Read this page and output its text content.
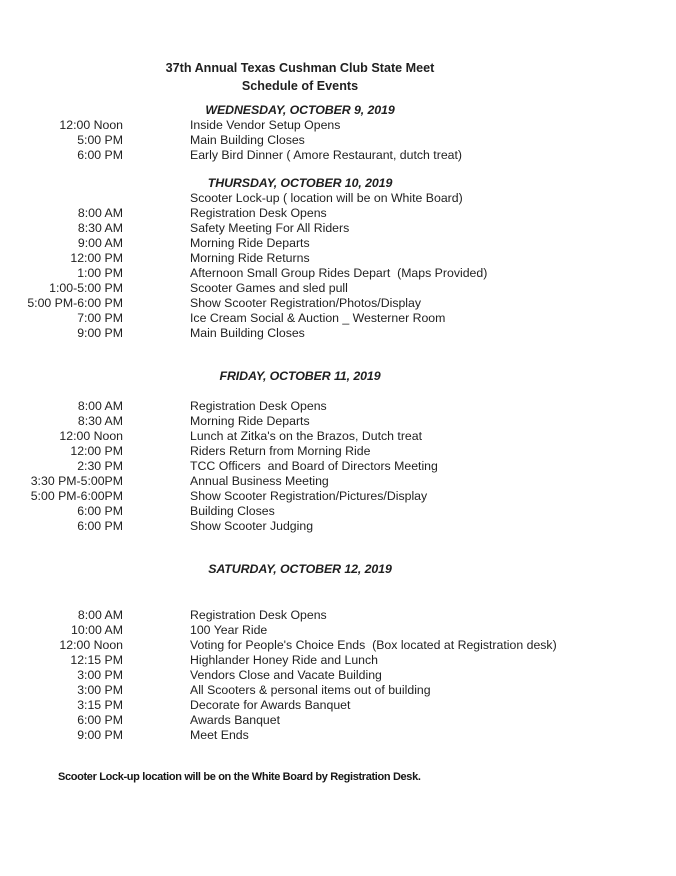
37th Annual Texas Cushman Club State Meet
Schedule of Events
WEDNESDAY, OCTOBER 9, 2019
12:00 Noon	Inside Vendor Setup Opens
5:00 PM	Main Building Closes
6:00 PM	Early Bird Dinner ( Amore Restaurant, dutch treat)
THURSDAY, OCTOBER 10, 2019
Scooter Lock-up ( location will be on White Board)
8:00 AM	Registration Desk Opens
8:30 AM	Safety Meeting For All Riders
9:00 AM	Morning Ride Departs
12:00 PM	Morning Ride Returns
1:00 PM	Afternoon Small Group Rides Depart  (Maps Provided)
1:00-5:00 PM	Scooter Games and sled pull
5:00 PM-6:00 PM	Show Scooter Registration/Photos/Display
7:00 PM	Ice Cream Social & Auction _ Westerner Room
9:00 PM	Main Building Closes
FRIDAY, OCTOBER 11, 2019
8:00 AM	Registration Desk Opens
8:30 AM	Morning Ride Departs
12:00 Noon	Lunch at Zitka's on the Brazos, Dutch treat
12:00 PM	Riders Return from Morning Ride
2:30 PM	TCC Officers  and Board of Directors Meeting
3:30 PM-5:00PM	Annual Business Meeting
5:00 PM-6:00PM	Show Scooter Registration/Pictures/Display
6:00 PM	Building Closes
6:00 PM	Show Scooter Judging
SATURDAY, OCTOBER 12, 2019
8:00 AM	Registration Desk Opens
10:00 AM	100 Year Ride
12:00 Noon	Voting for People's Choice Ends  (Box located at Registration desk)
12:15 PM	Highlander Honey Ride and Lunch
3:00 PM	Vendors Close and Vacate Building
3:00 PM	All Scooters & personal items out of building
3:15 PM	Decorate for Awards Banquet
6:00 PM	Awards Banquet
9:00 PM	Meet Ends
Scooter Lock-up location will be on the White Board by Registration Desk.
